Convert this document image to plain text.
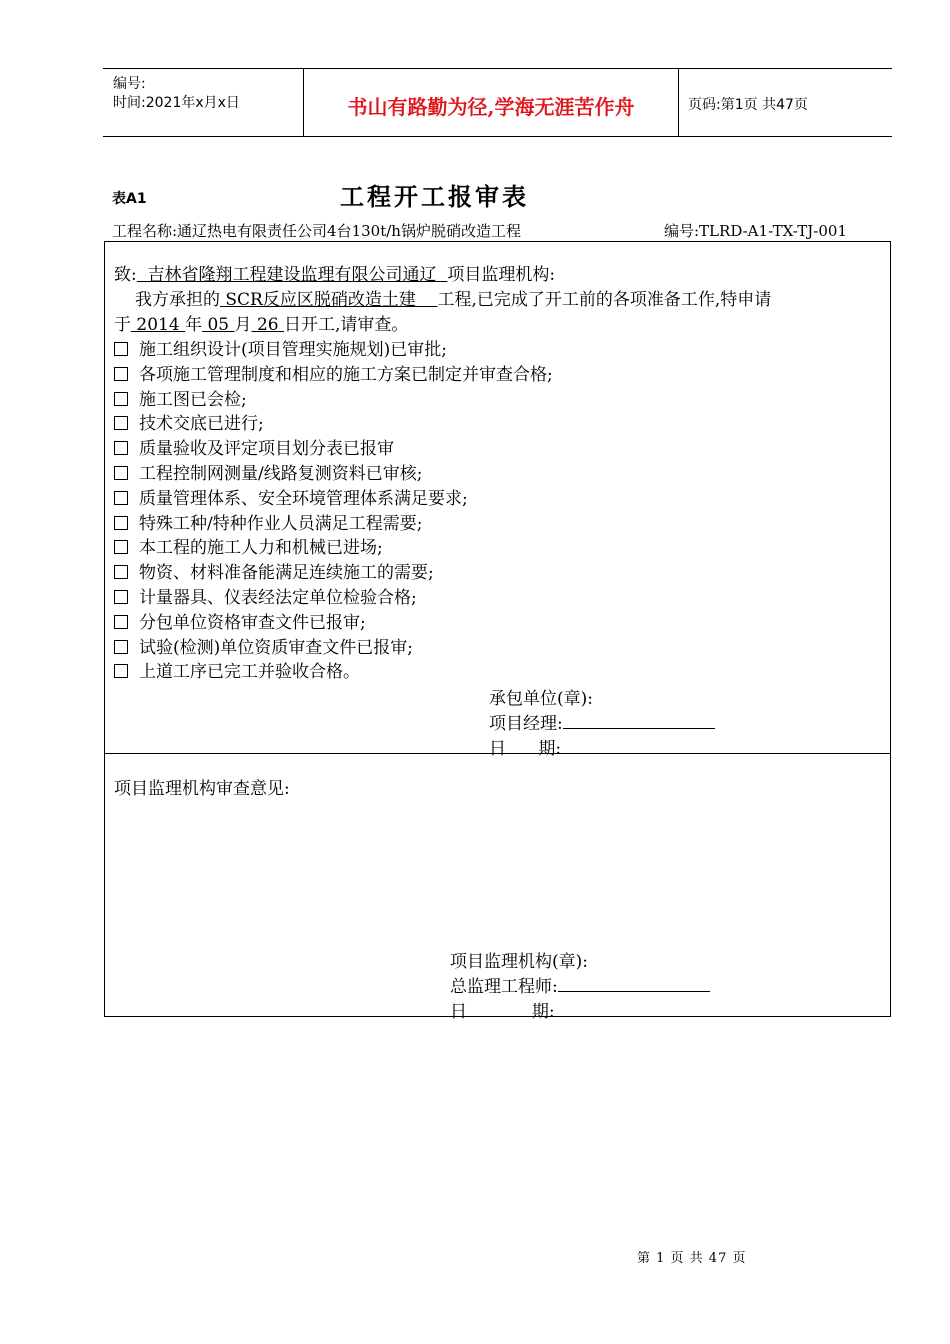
编号:
时间:2021年x月x日	书山有路勤为径,学海无涯苦作舟	页码:第1页 共47页
表A1	工程开工报审表
工程名称:通辽热电有限责任公司4台130t/h锅炉脱硝改造工程	编号:TLRD-A1-TX-TJ-001
致: 吉林省隆翔工程建设监理有限公司通辽 项目监理机构:
我方承担的 SCR反应区脱硝改造土建 工程,已完成了开工前的各项准备工作,特申请
于 2014 年 05 月 26 日开工,请审查。
施工组织设计(项目管理实施规划)已审批;
各项施工管理制度和相应的施工方案已制定并审查合格;
施工图已会检;
技术交底已进行;
质量验收及评定项目划分表已报审
工程控制网测量/线路复测资料已审核;
质量管理体系、安全环境管理体系满足要求;
特殊工种/特种作业人员满足工程需要;
本工程的施工人力和机械已进场;
物资、材料准备能满足连续施工的需要;
计量器具、仪表经法定单位检验合格;
分包单位资格审查文件已报审;
试验(检测)单位资质审查文件已报审;
上道工序已完工并验收合格。
承包单位(章):
项目经理:
日      期:
项目监理机构审查意见:
项目监理机构(章):
总监理工程师:
日            期:
第 1 页 共 47 页
